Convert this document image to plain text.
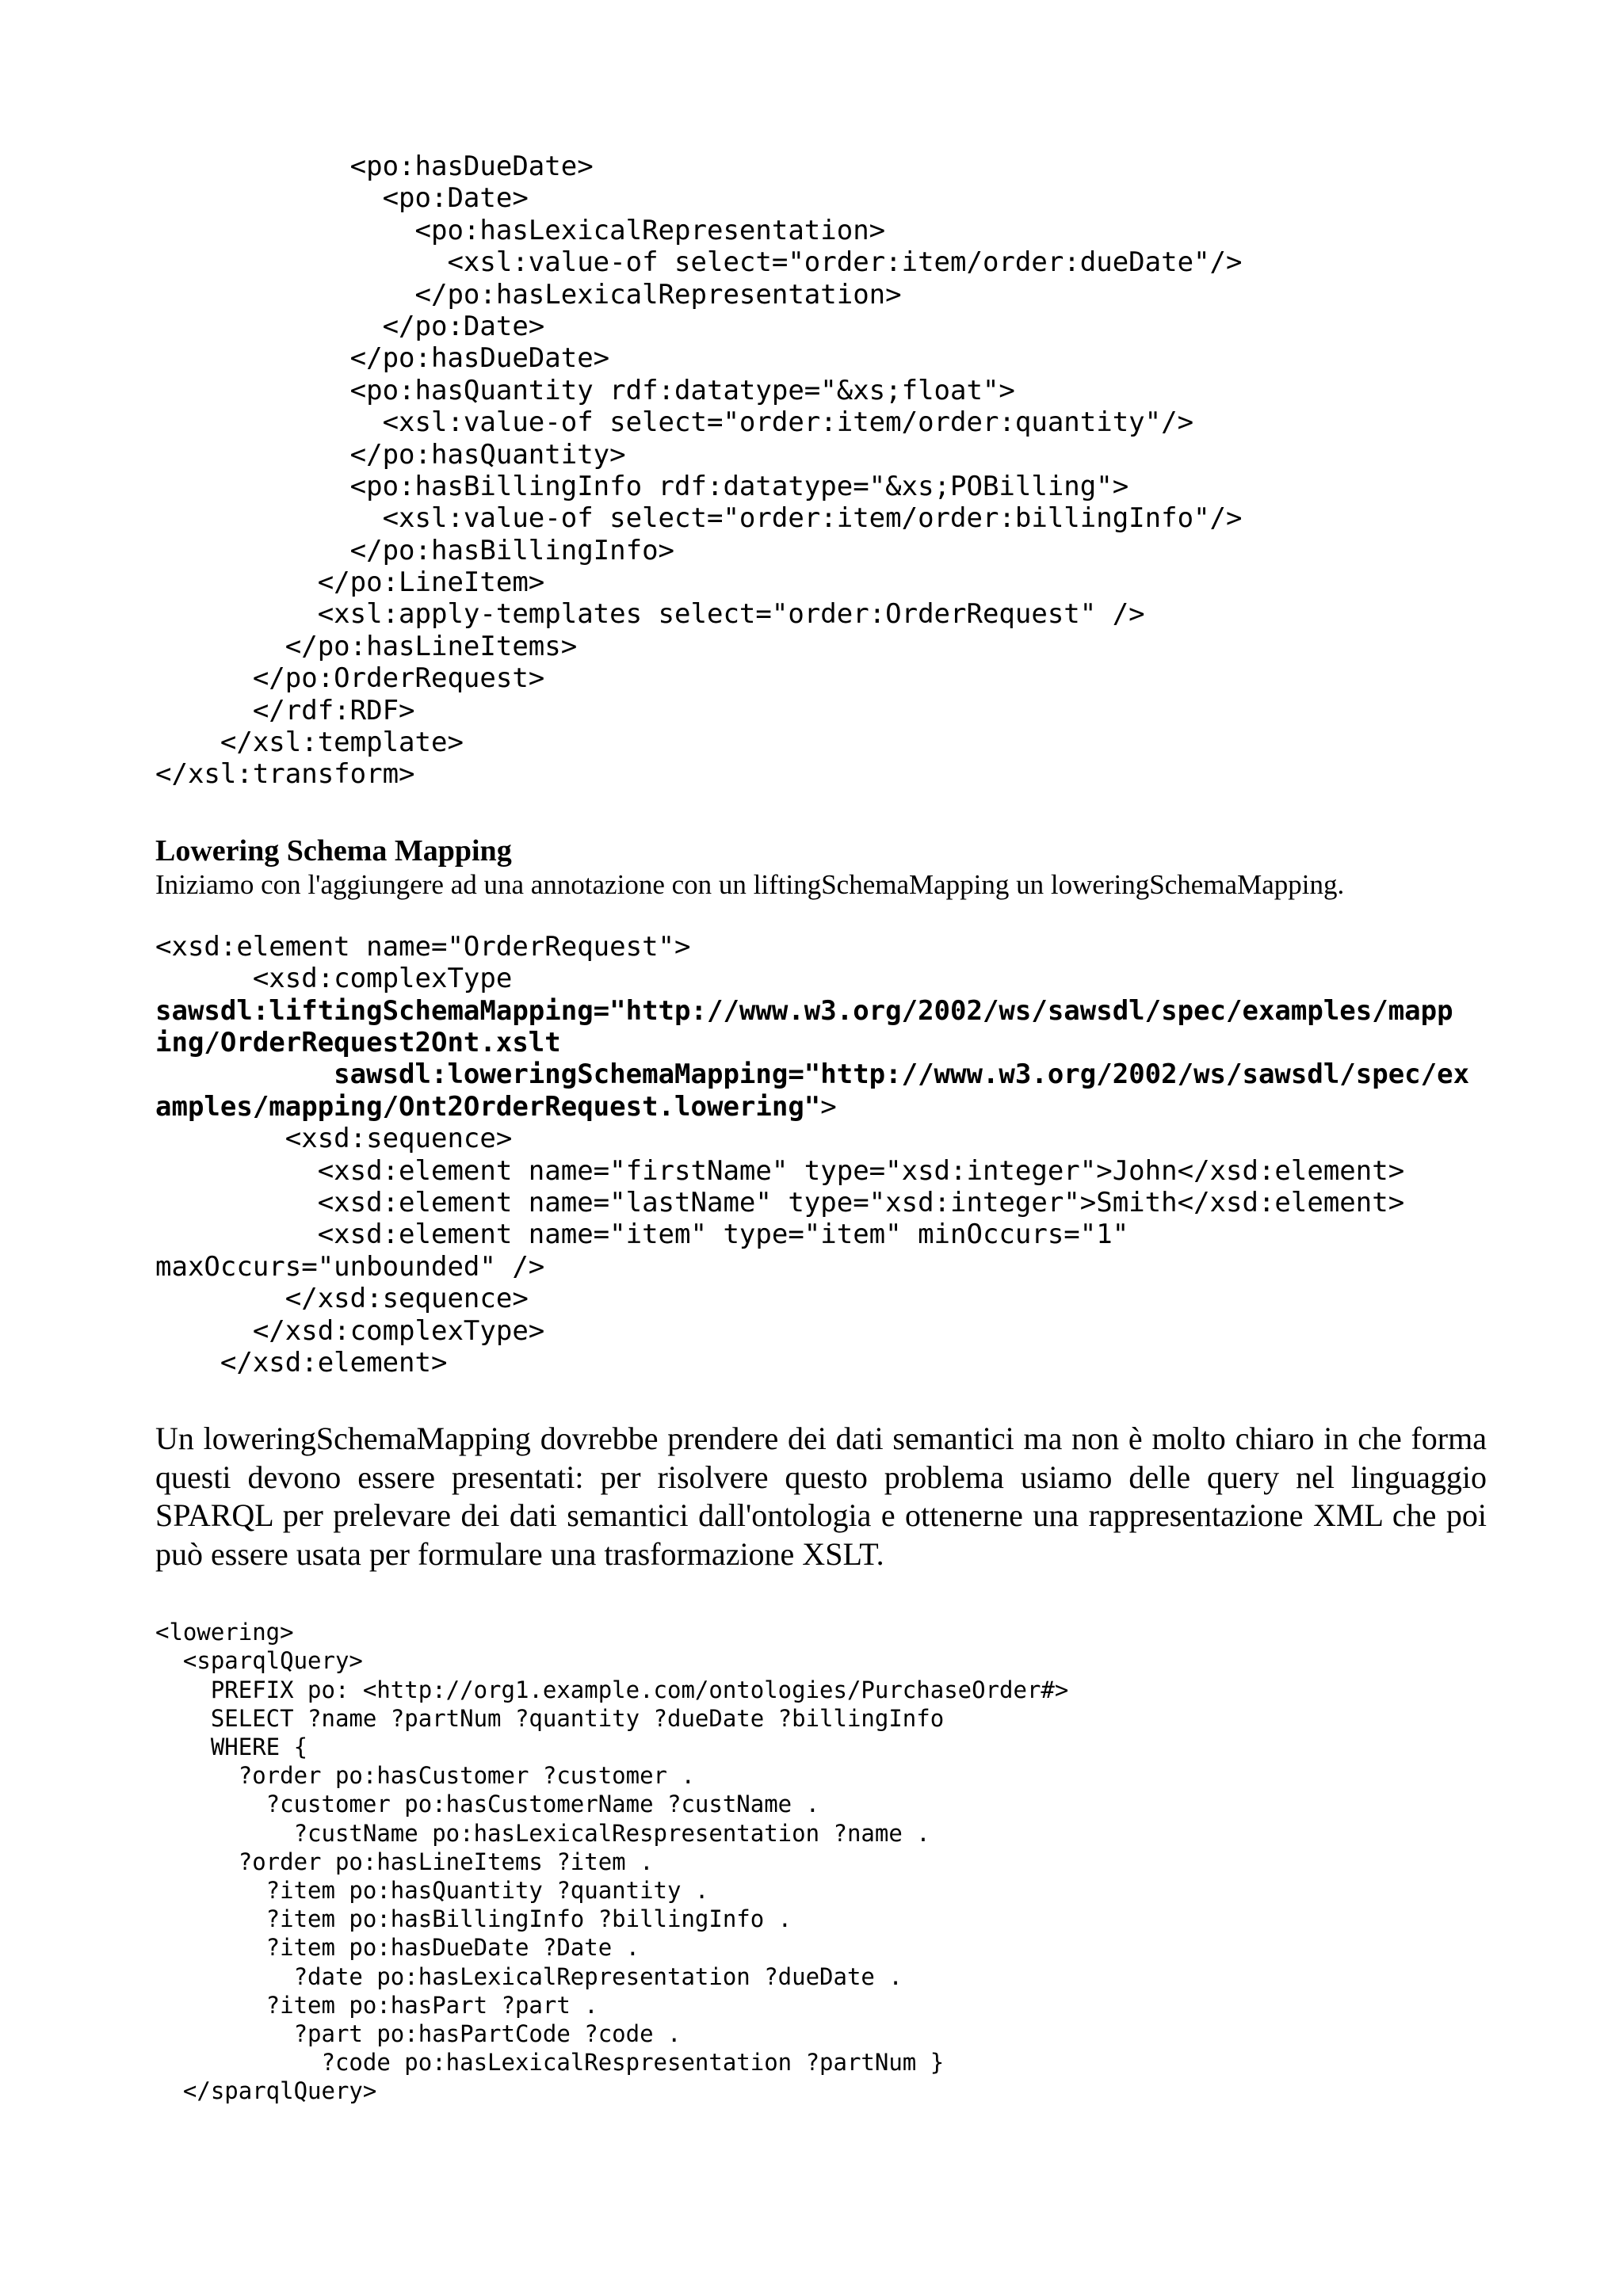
<po:hasDueDate>
<po:Date>
<po:hasLexicalRepresentation>
<xsl:value-of select="order:item/order:dueDate"/>
</po:hasLexicalRepresentation>
</po:Date>
</po:hasDueDate>
<po:hasQuantity rdf:datatype="&xs;float">
<xsl:value-of select="order:item/order:quantity"/>
</po:hasQuantity>
<po:hasBillingInfo rdf:datatype="&xs;POBilling">
<xsl:value-of select="order:item/order:billingInfo"/>
</po:hasBillingInfo>
</po:LineItem>
<xsl:apply-templates select="order:OrderRequest" />
</po:hasLineItems>
</po:OrderRequest>
</rdf:RDF>
</xsl:template>
</xsl:transform>
Lowering Schema Mapping

Iniziamo con l'aggiungere ad una annotazione con un liftingSchemaMapping un loweringSchemaMapping.

<xsd:element name="OrderRequest">
<xsd:complexType
sawsdl:liftingSchemaMapping="http://www.w3.org/2002/ws/sawsdl/spec/examples/mapp
ing/OrderRequest2Ont.xslt
sawsdl:loweringSchemaMapping="http://www.w3.org/2002/ws/sawsdl/spec/ex
amples/mapping/Ont2OrderRequest.lowering">
<xsd:sequence>
<xsd:element name="firstName" type="xsd:integer">John</xsd:element>
<xsd:element name="lastName" type="xsd:integer">Smith</xsd:element>
<xsd:element name="item" type="item" minOccurs="1"
maxOccurs="unbounded" />
</xsd:sequence>
</xsd:complexType>
</xsd:element>

Un loweringSchemaMapping dovrebbe prendere dei dati semantici ma non è molto chiaro in che forma questi devono essere presentati: per risolvere questo problema usiamo delle query nel linguaggio SPARQL per prelevare dei dati semantici dall'ontologia e ottenerne una rappresentazione XML che poi può essere usata per formulare una trasformazione XSLT.

<lowering>
<sparqlQuery>
PREFIX po: <http://org1.example.com/ontologies/PurchaseOrder#>
SELECT ?name ?partNum ?quantity ?dueDate ?billingInfo
WHERE {
?order po:hasCustomer ?customer .
?customer po:hasCustomerName ?custName .
?custName po:hasLexicalRespresentation ?name .
?order po:hasLineItems ?item .
?item po:hasQuantity ?quantity .
?item po:hasBillingInfo ?billingInfo .
?item po:hasDueDate ?Date .
?date po:hasLexicalRepresentation ?dueDate .
?item po:hasPart ?part .
?part po:hasPartCode ?code .
?code po:hasLexicalRespresentation ?partNum }
</sparqlQuery>
